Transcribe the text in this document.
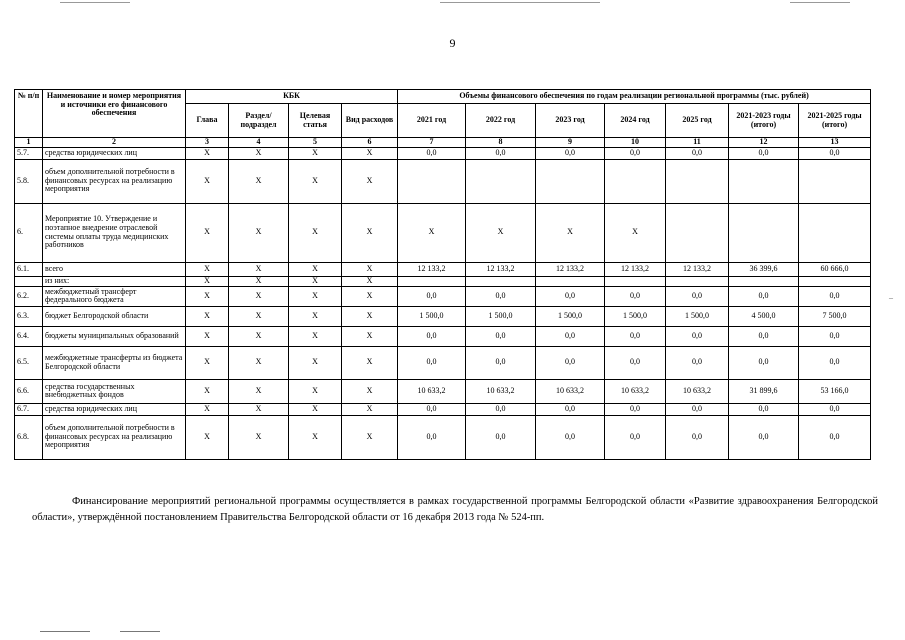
9
№ п/п	Наименование и номер мероприятия и источники его финансового обеспечения	КБК				Объемы финансового обеспечения по годам реализации региональной программы (тыс. рублей)						
		Глава	Раздел/ подраздел	Целевая статья	Вид расходов	2021 год	2022 год	2023 год	2024 год	2025 год	2021-2023 годы (итого)	2021-2025 годы (итого)
1	2	3	4	5	6	7	8	9	10	11	12	13
5.7.	средства юридических лиц	X	X	X	X	0,0	0,0	0,0	0,0	0,0	0,0	0,0
5.8.	объем дополнительной потребности в финансовых ресурсах на реализацию мероприятия	X	X	X	X							
6.	Мероприятие 10. Утверждение и поэтапное внедрение отраслевой системы оплаты труда медицинских работников	X	X	X	X	X	X	X	X			
6.1.	всего	X	X	X	X	12 133,2	12 133,2	12 133,2	12 133,2	12 133,2	36 399,6	60 666,0
	из них:	X	X	X	X							
6.2.	межбюджетный трансферт федерального бюджета	X	X	X	X	0,0	0,0	0,0	0,0	0,0	0,0	0,0
6.3.	бюджет Белгородской области	X	X	X	X	1 500,0	1 500,0	1 500,0	1 500,0	1 500,0	4 500,0	7 500,0
6.4.	бюджеты муниципальных образований	X	X	X	X	0,0	0,0	0,0	0,0	0,0	0,0	0,0
6.5.	межбюджетные трансферты из бюджета Белгородской области	X	X	X	X	0,0	0,0	0,0	0,0	0,0	0,0	0,0
6.6.	средства государственных внебюджетных фондов	X	X	X	X	10 633,2	10 633,2	10 633,2	10 633,2	10 633,2	31 899,6	53 166,0
6.7.	средства юридических лиц	X	X	X	X	0,0	0,0	0,0	0,0	0,0	0,0	0,0
6.8.	объем дополнительной потребности в финансовых ресурсах на реализацию мероприятия	X	X	X	X	0,0	0,0	0,0	0,0	0,0	0,0	0,0
Финансирование мероприятий региональной программы осуществляется в рамках государственной программы Белгородской области «Развитие здравоохранения Белгородской области», утверждённой постановлением Правительства Белгородской области от 16 декабря 2013 года № 524-пп.
–
